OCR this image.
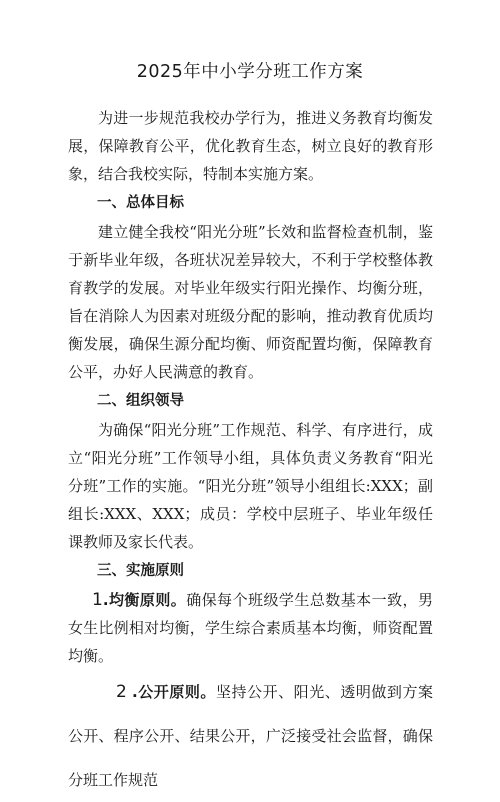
2025年中小学分班工作方案

为进一步规范我校办学行为，推进义务教育均衡发展，保障教育公平，优化教育生态，树立良好的教育形象，结合我校实际，特制本实施方案。

一、总体目标

建立健全我校“阳光分班”长效和监督检查机制，鉴于新毕业年级，各班状况差异较大，不利于学校整体教育教学的发展。对毕业年级实行阳光操作、均衡分班，旨在消除人为因素对班级分配的影响，推动教育优质均衡发展，确保生源分配均衡、师资配置均衡，保障教育公平，办好人民满意的教育。

二、组织领导

为确保“阳光分班”工作规范、科学、有序进行，成立“阳光分班”工作领导小组，具体负责义务教育“阳光分班”工作的实施。“阳光分班”领导小组组长:XXX；副组长:XXX、XXX；成员：学校中层班子、毕业年级任课教师及家长代表。

三、实施原则

1.均衡原则。确保每个班级学生总数基本一致，男女生比例相对均衡，学生综合素质基本均衡，师资配置均衡。

2 .公开原则。坚持公开、阳光、透明做到方案公开、程序公开、结果公开，广泛接受社会监督，确保分班工作规范
